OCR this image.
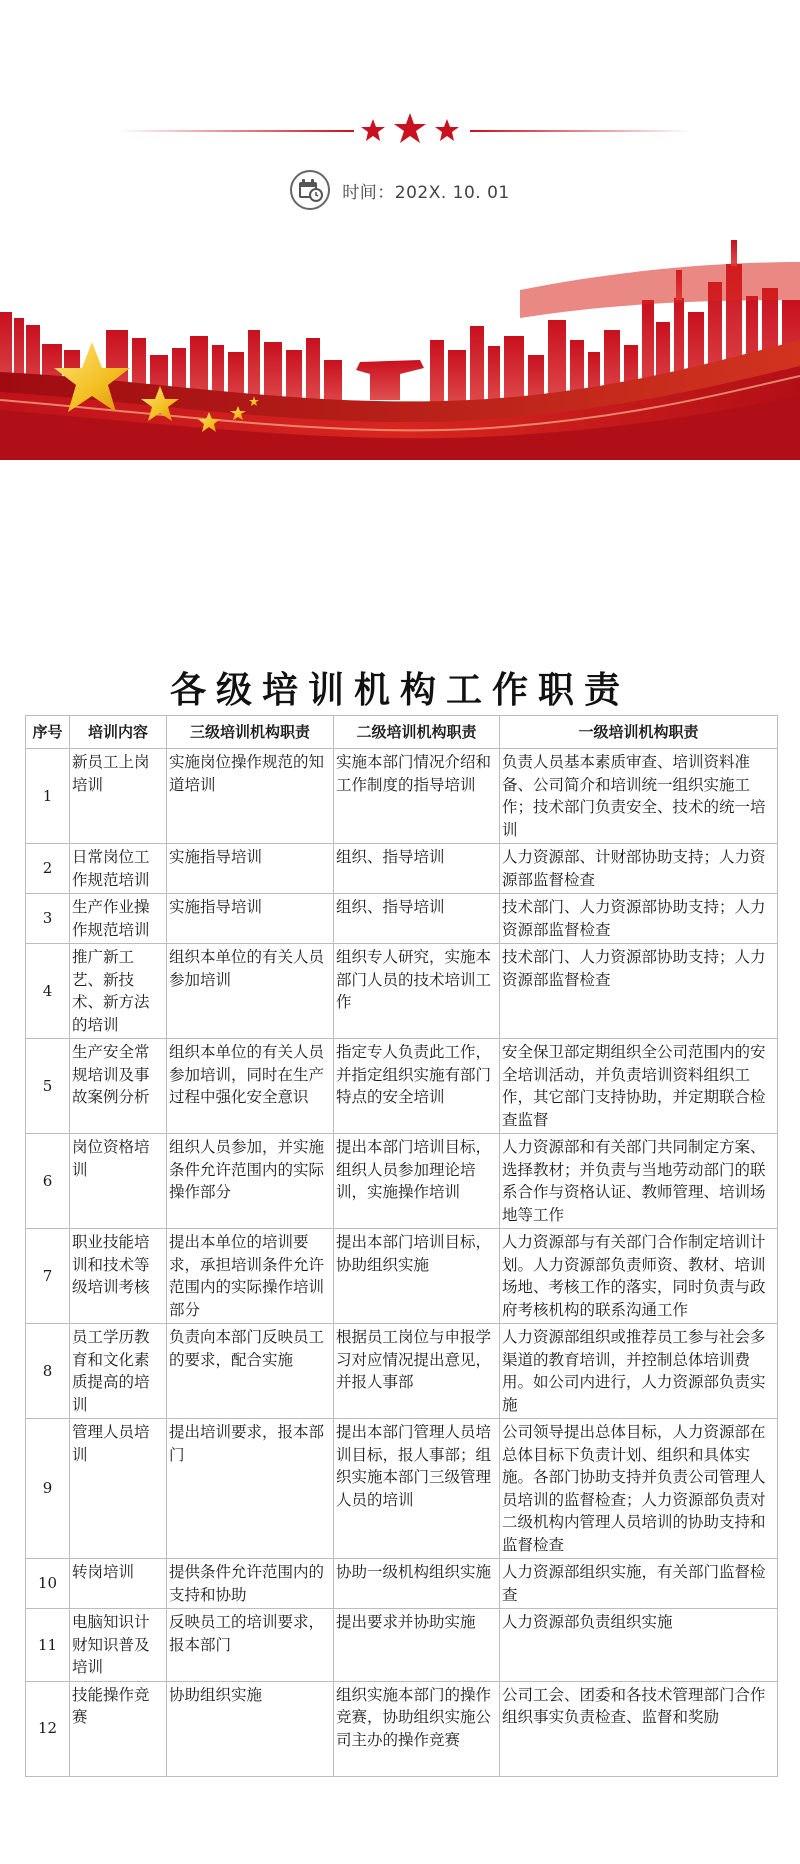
时间：202X. 10. 01
各级培训机构工作职责
序号	培训内容	三级培训机构职责	二级培训机构职责	一级培训机构职责
1	新员工上岗培训	实施岗位操作规范的知道培训	实施本部门情况介绍和工作制度的指导培训	负责人员基本素质审查、培训资料准备、公司简介和培训统一组织实施工作；技术部门负责安全、技术的统一培训
2	日常岗位工作规范培训	实施指导培训	组织、指导培训	人力资源部、计财部协助支持；人力资源部监督检查
3	生产作业操作规范培训	实施指导培训	组织、指导培训	技术部门、人力资源部协助支持；人力资源部监督检查
4	推广新工艺、新技术、新方法的培训	组织本单位的有关人员参加培训	组织专人研究，实施本部门人员的技术培训工作	技术部门、人力资源部协助支持；人力资源部监督检查
5	生产安全常规培训及事故案例分析	组织本单位的有关人员参加培训，同时在生产过程中强化安全意识	指定专人负责此工作，并指定组织实施有部门特点的安全培训	安全保卫部定期组织全公司范围内的安全培训活动，并负责培训资料组织工作，其它部门支持协助，并定期联合检查监督
6	岗位资格培训	组织人员参加，并实施条件允许范围内的实际操作部分	提出本部门培训目标，组织人员参加理论培训，实施操作培训	人力资源部和有关部门共同制定方案、选择教材；并负责与当地劳动部门的联系合作与资格认证、教师管理、培训场地等工作
7	职业技能培训和技术等级培训考核	提出本单位的培训要求，承担培训条件允许范围内的实际操作培训部分	提出本部门培训目标，协助组织实施	人力资源部与有关部门合作制定培训计划。人力资源部负责师资、教材、培训场地、考核工作的落实，同时负责与政府考核机构的联系沟通工作
8	员工学历教育和文化素质提高的培训	负责向本部门反映员工的要求，配合实施	根据员工岗位与申报学习对应情况提出意见，并报人事部	人力资源部组织或推荐员工参与社会多渠道的教育培训，并控制总体培训费用。如公司内进行，人力资源部负责实施
9	管理人员培训	提出培训要求，报本部门	提出本部门管理人员培训目标，报人事部；组织实施本部门三级管理人员的培训	公司领导提出总体目标，人力资源部在总体目标下负责计划、组织和具体实施。各部门协助支持并负责公司管理人员培训的监督检查；人力资源部负责对二级机构内管理人员培训的协助支持和监督检查
10	转岗培训	提供条件允许范围内的支持和协助	协助一级机构组织实施	人力资源部组织实施，有关部门监督检查
11	电脑知识计财知识普及培训	反映员工的培训要求，报本部门	提出要求并协助实施	人力资源部负责组织实施
12	技能操作竞赛	协助组织实施	组织实施本部门的操作竞赛，协助组织实施公司主办的操作竞赛	公司工会、团委和各技术管理部门合作组织事实负责检查、监督和奖励
